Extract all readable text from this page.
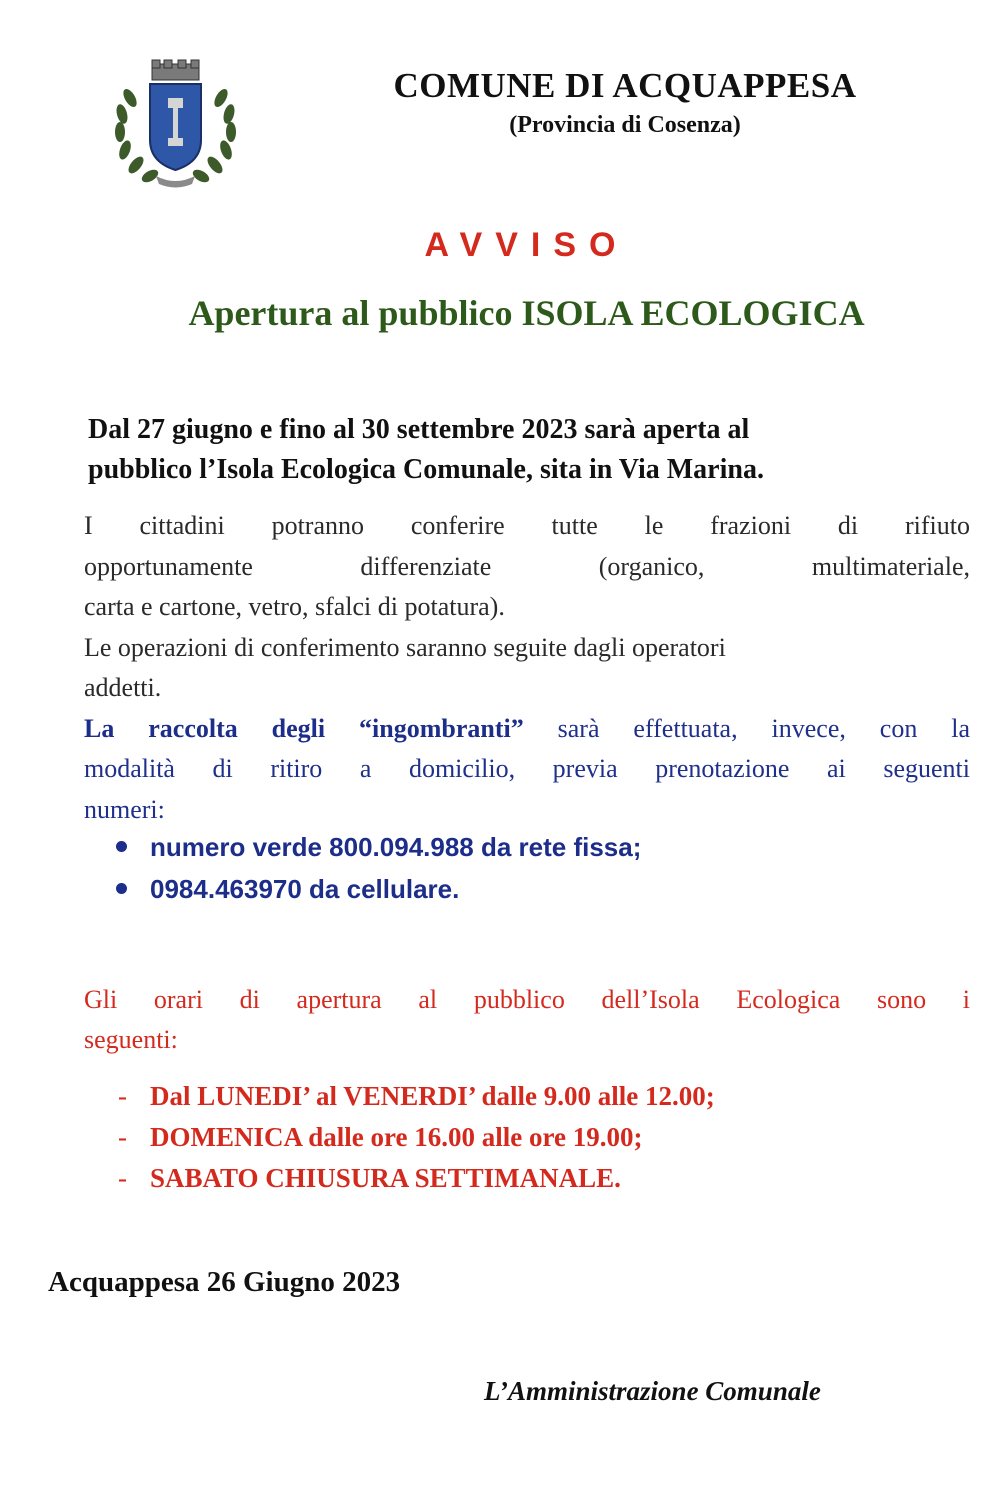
COMUNE DI ACQUAPPESA
(Provincia di Cosenza)
AVVISO
Apertura al pubblico ISOLA ECOLOGICA
Dal 27 giugno e fino al 30 settembre 2023 sarà aperta al
pubblico l’Isola Ecologica Comunale, sita in Via Marina.
I cittadini potranno conferire tutte le frazioni di rifiuto
opportunamente differenziate (organico, multimateriale,
carta e cartone, vetro, sfalci di potatura).
Le operazioni di conferimento saranno seguite dagli operatori
addetti.
La raccolta degli “ingombranti” sarà effettuata, invece, con la
modalità di ritiro a domicilio, previa prenotazione ai seguenti
numeri:
numero verde 800.094.988 da rete fissa;
0984.463970 da cellulare.
Gli orari di apertura al pubblico dell’Isola Ecologica sono i
seguenti:
- Dal LUNEDI’ al VENERDI’ dalle 9.00 alle 12.00;
- DOMENICA dalle ore 16.00 alle ore 19.00;
- SABATO CHIUSURA SETTIMANALE.
Acquappesa 26 Giugno 2023
L’Amministrazione Comunale
